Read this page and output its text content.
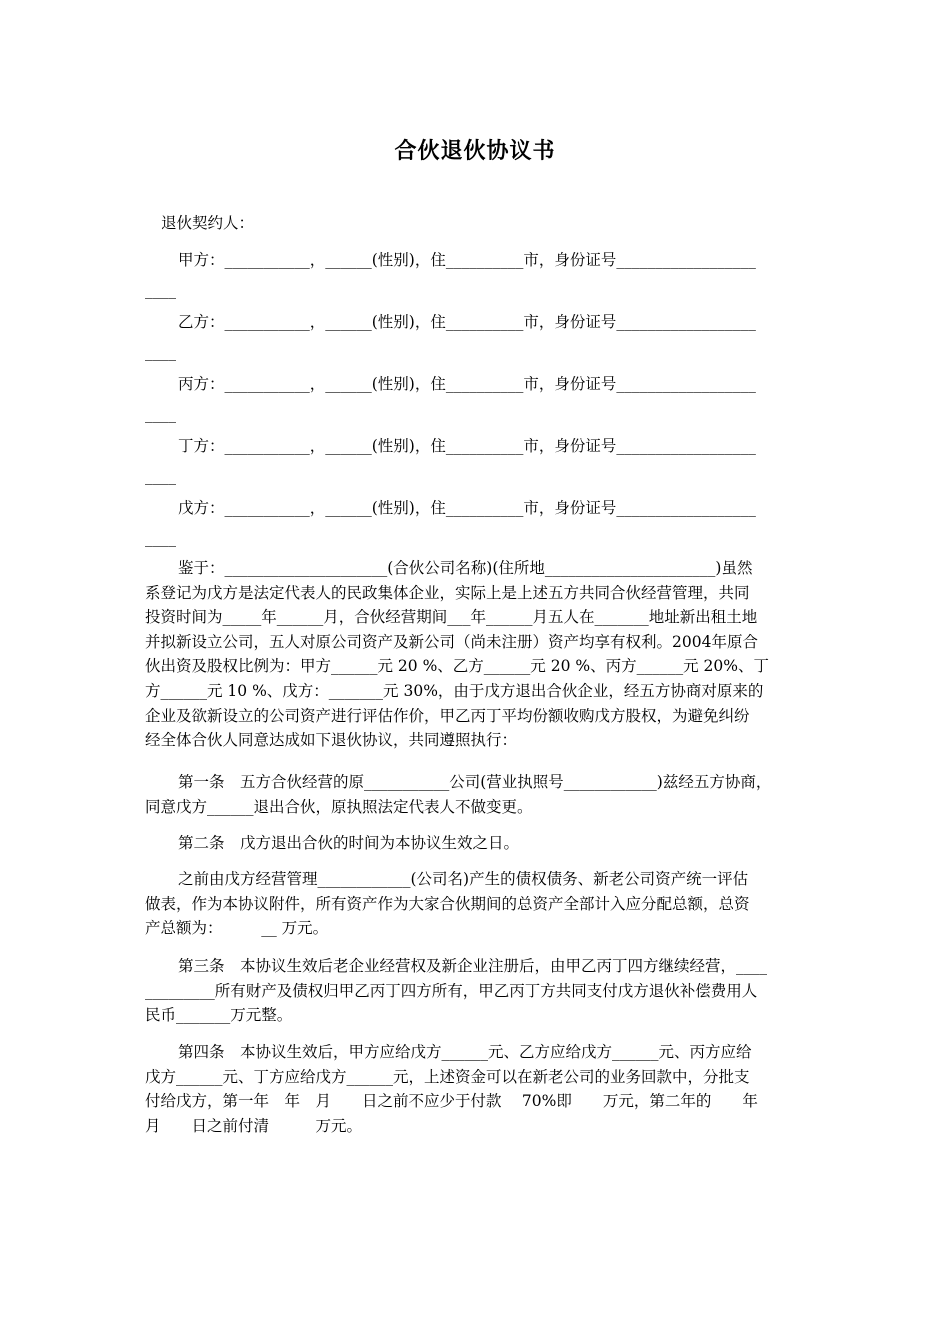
合伙退伙协议书
退伙契约人：
甲方：___________，______(性别)，住__________市，身份证号__________________
____
乙方：___________，______(性别)，住__________市，身份证号__________________
____
丙方：___________，______(性别)，住__________市，身份证号__________________
____
丁方：___________，______(性别)，住__________市，身份证号__________________
____
戊方：___________，______(性别)，住__________市，身份证号__________________
____
鉴于：_____________________(合伙公司名称)(住所地______________________)虽然
系登记为戊方是法定代表人的民政集体企业，实际上是上述五方共同合伙经营管理，共同
投资时间为_____年______月，合伙经营期间___年______月五人在_______地址新出租土地
并拟新设立公司，五人对原公司资产及新公司（尚未注册）资产均享有权利。2004年原合
伙出资及股权比例为：甲方______元 20 %、乙方______元 20 %、丙方______元 20%、丁
方______元 10 %、戊方：_______元 30%，由于戊方退出合伙企业，经五方协商对原来的
企业及欲新设立的公司资产进行评估作价，甲乙丙丁平均份额收购戊方股权，为避免纠纷
经全体合伙人同意达成如下退伙协议，共同遵照执行：
第一条　五方合伙经营的原___________公司(营业执照号____________)兹经五方协商，
同意戊方______退出合伙，原执照法定代表人不做变更。
第二条　戊方退出合伙的时间为本协议生效之日。
之前由戊方经营管理____________(公司名)产生的债权债务、新老公司资产统一评估
做表，作为本协议附件，所有资产作为大家合伙期间的总资产全部计入应分配总额，总资
产总额为：　　　__ 万元。
第三条　本协议生效后老企业经营权及新企业注册后，由甲乙丙丁四方继续经营，____
_________所有财产及债权归甲乙丙丁四方所有，甲乙丙丁方共同支付戊方退伙补偿费用人
民币_______万元整。
第四条　本协议生效后，甲方应给戊方______元、乙方应给戊方______元、丙方应给
戊方______元、丁方应给戊方______元，上述资金可以在新老公司的业务回款中，分批支
付给戊方，第一年　年　月　　日之前不应少于付款　 70%即　　万元，第二年的　　年
月　　日之前付清　　　万元。
